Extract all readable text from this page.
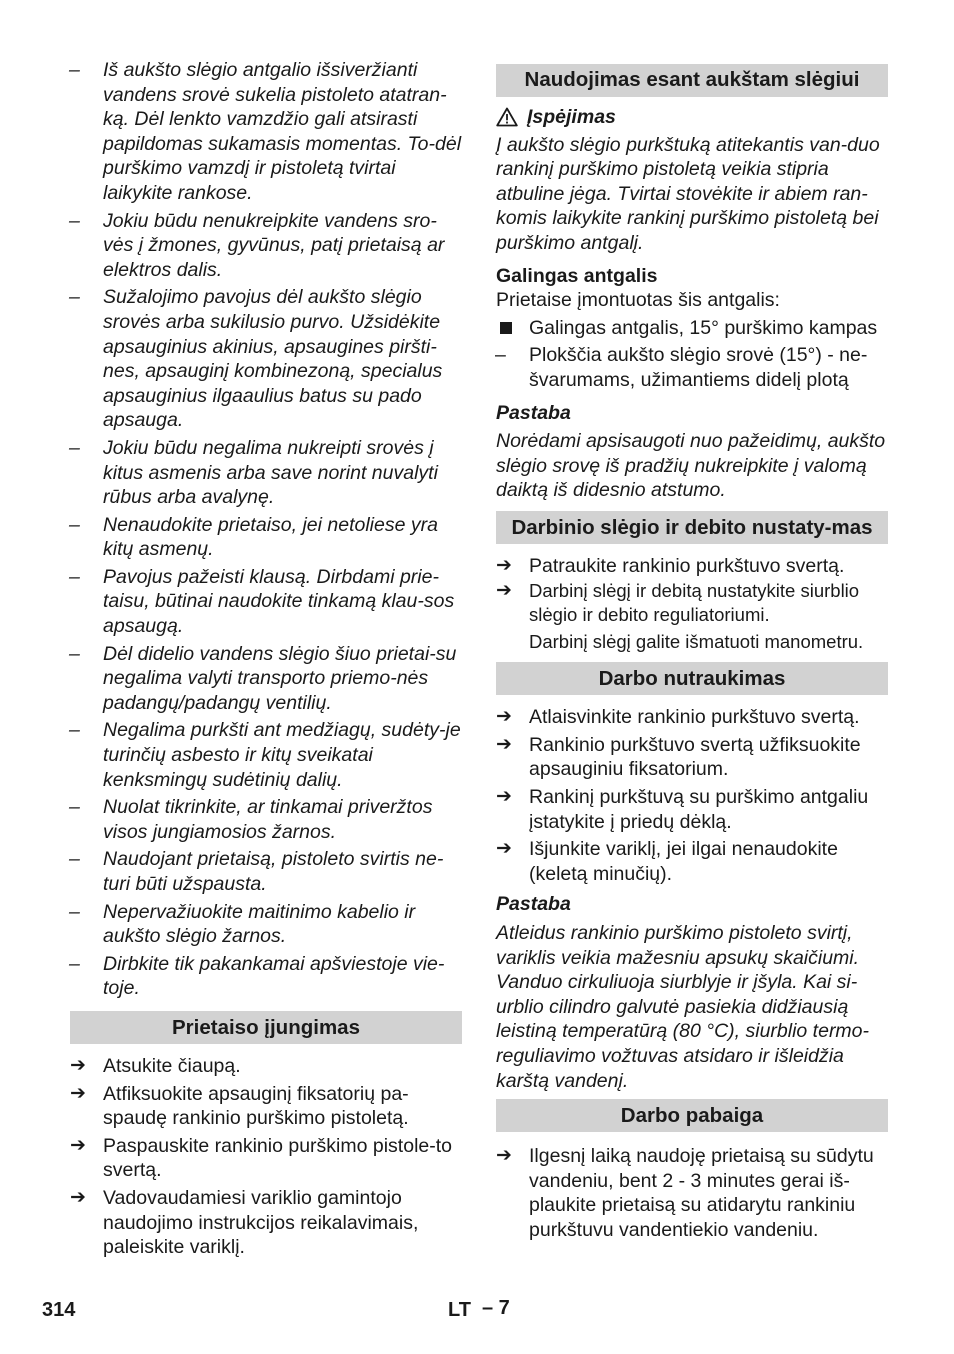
– Iš aukšto slėgio antgalio išsiveržianti vandens srovė sukelia pistoleto atatran-ką. Dėl lenkto vamzdžio gali atsirasti papildomas sukamasis momentas. To-dėl purškimo vamzdį ir pistoletą tvirtai laikykite rankose.
– Jokiu būdu nenukreipkite vandens sro-vės į žmones, gyvūnus, patį prietaisą ar elektros dalis.
– Sužalojimo pavojus dėl aukšto slėgio srovės arba sukilusio purvo. Užsidėkite apsauginius akinius, apsaugines piršti-nes, apsauginį kombinezoną, specialus apsauginius ilgaaulius batus su pado apsauga.
– Jokiu būdu negalima nukreipti srovės į kitus asmenis arba save norint nuvalyti rūbus arba avalynę.
– Nenaudokite prietaiso, jei netoliese yra kitų asmenų.
– Pavojus pažeisti klausą. Dirbdami prie-taisu, būtinai naudokite tinkamą klau-sos apsaugą.
– Dėl didelio vandens slėgio šiuo prietai-su negalima valyti transporto priemo-nės padangų/padangų ventilių.
– Negalima purkšti ant medžiagų, sudėty-je turinčių asbesto ir kitų sveikatai kenksmingų sudėtinių dalių.
– Nuolat tikrinkite, ar tinkamai priveržtos visos jungiamosios žarnos.
– Naudojant prietaisą, pistoleto svirtis ne-turi būti užspausta.
– Nepervažiuokite maitinimo kabelio ir aukšto slėgio žarnos.
– Dirbkite tik pakankamai apšviestoje vie-toje.
Prietaiso įjungimas
➔ Atsukite čiaupą.
➔ Atfiksuokite apsauginį fiksatorių pa-spaudę rankinio purškimo pistoletą.
➔ Paspauskite rankinio purškimo pistole-to svertą.
➔ Vadovaudamiesi variklio gamintojo naudojimo instrukcijos reikalavimais, paleiskite variklį.
Naudojimas esant aukštam slėgiui
Įspėjimas
Į aukšto slėgio purkštuką atitekantis van-duo rankinį purškimo pistoletą veikia stipria atbuline jėga. Tvirtai stovėkite ir abiem ran-komis laikykite rankinį purškimo pistoletą bei purškimo antgalį.
Galingas antgalis
Prietaise įmontuotas šis antgalis:
Galingas antgalis, 15° purškimo kampas
– Plokščia aukšto slėgio srovė (15°) - ne-švarumams, užimantiems didelį plotą
Pastaba
Norėdami apsisaugoti nuo pažeidimų, aukšto slėgio srovę iš pradžių nukreipkite į valomą daiktą iš didesnio atstumo.
Darbinio slėgio ir debito nustaty-mas
➔ Patraukite rankinio purkštuvo svertą.
➔ Darbinį slėgį ir debitą nustatykite siurblio slėgio ir debito reguliatoriumi.
Darbinį slėgį galite išmatuoti manometru.
Darbo nutraukimas
➔ Atlaisvinkite rankinio purkštuvo svertą.
➔ Rankinio purkštuvo svertą užfiksuokite apsauginiu fiksatorium.
➔ Rankinį purkštuvą su purškimo antgaliu įstatykite į priedų dėklą.
➔ Išjunkite variklį, jei ilgai nenaudokite (keletą minučių).
Pastaba
Atleidus rankinio purškimo pistoleto svirtį, variklis veikia mažesniu apsukų skaičiumi. Vanduo cirkuliuoja siurblyje ir įšyla. Kai si-urblio cilindro galvutė pasiekia didžiausią leistiną temperatūrą (80 °C), siurblio termo-reguliavimo vožtuvas atsidaro ir išleidžia karštą vandenį.
Darbo pabaiga
➔ Ilgesnį laiką naudoję prietaisą su sūdytu vandeniu, bent 2 - 3 minutes gerai iš-plaukite prietaisą su atidarytu rankiniu purkštuvu vandentiekio vandeniu.
314	LT – 7
